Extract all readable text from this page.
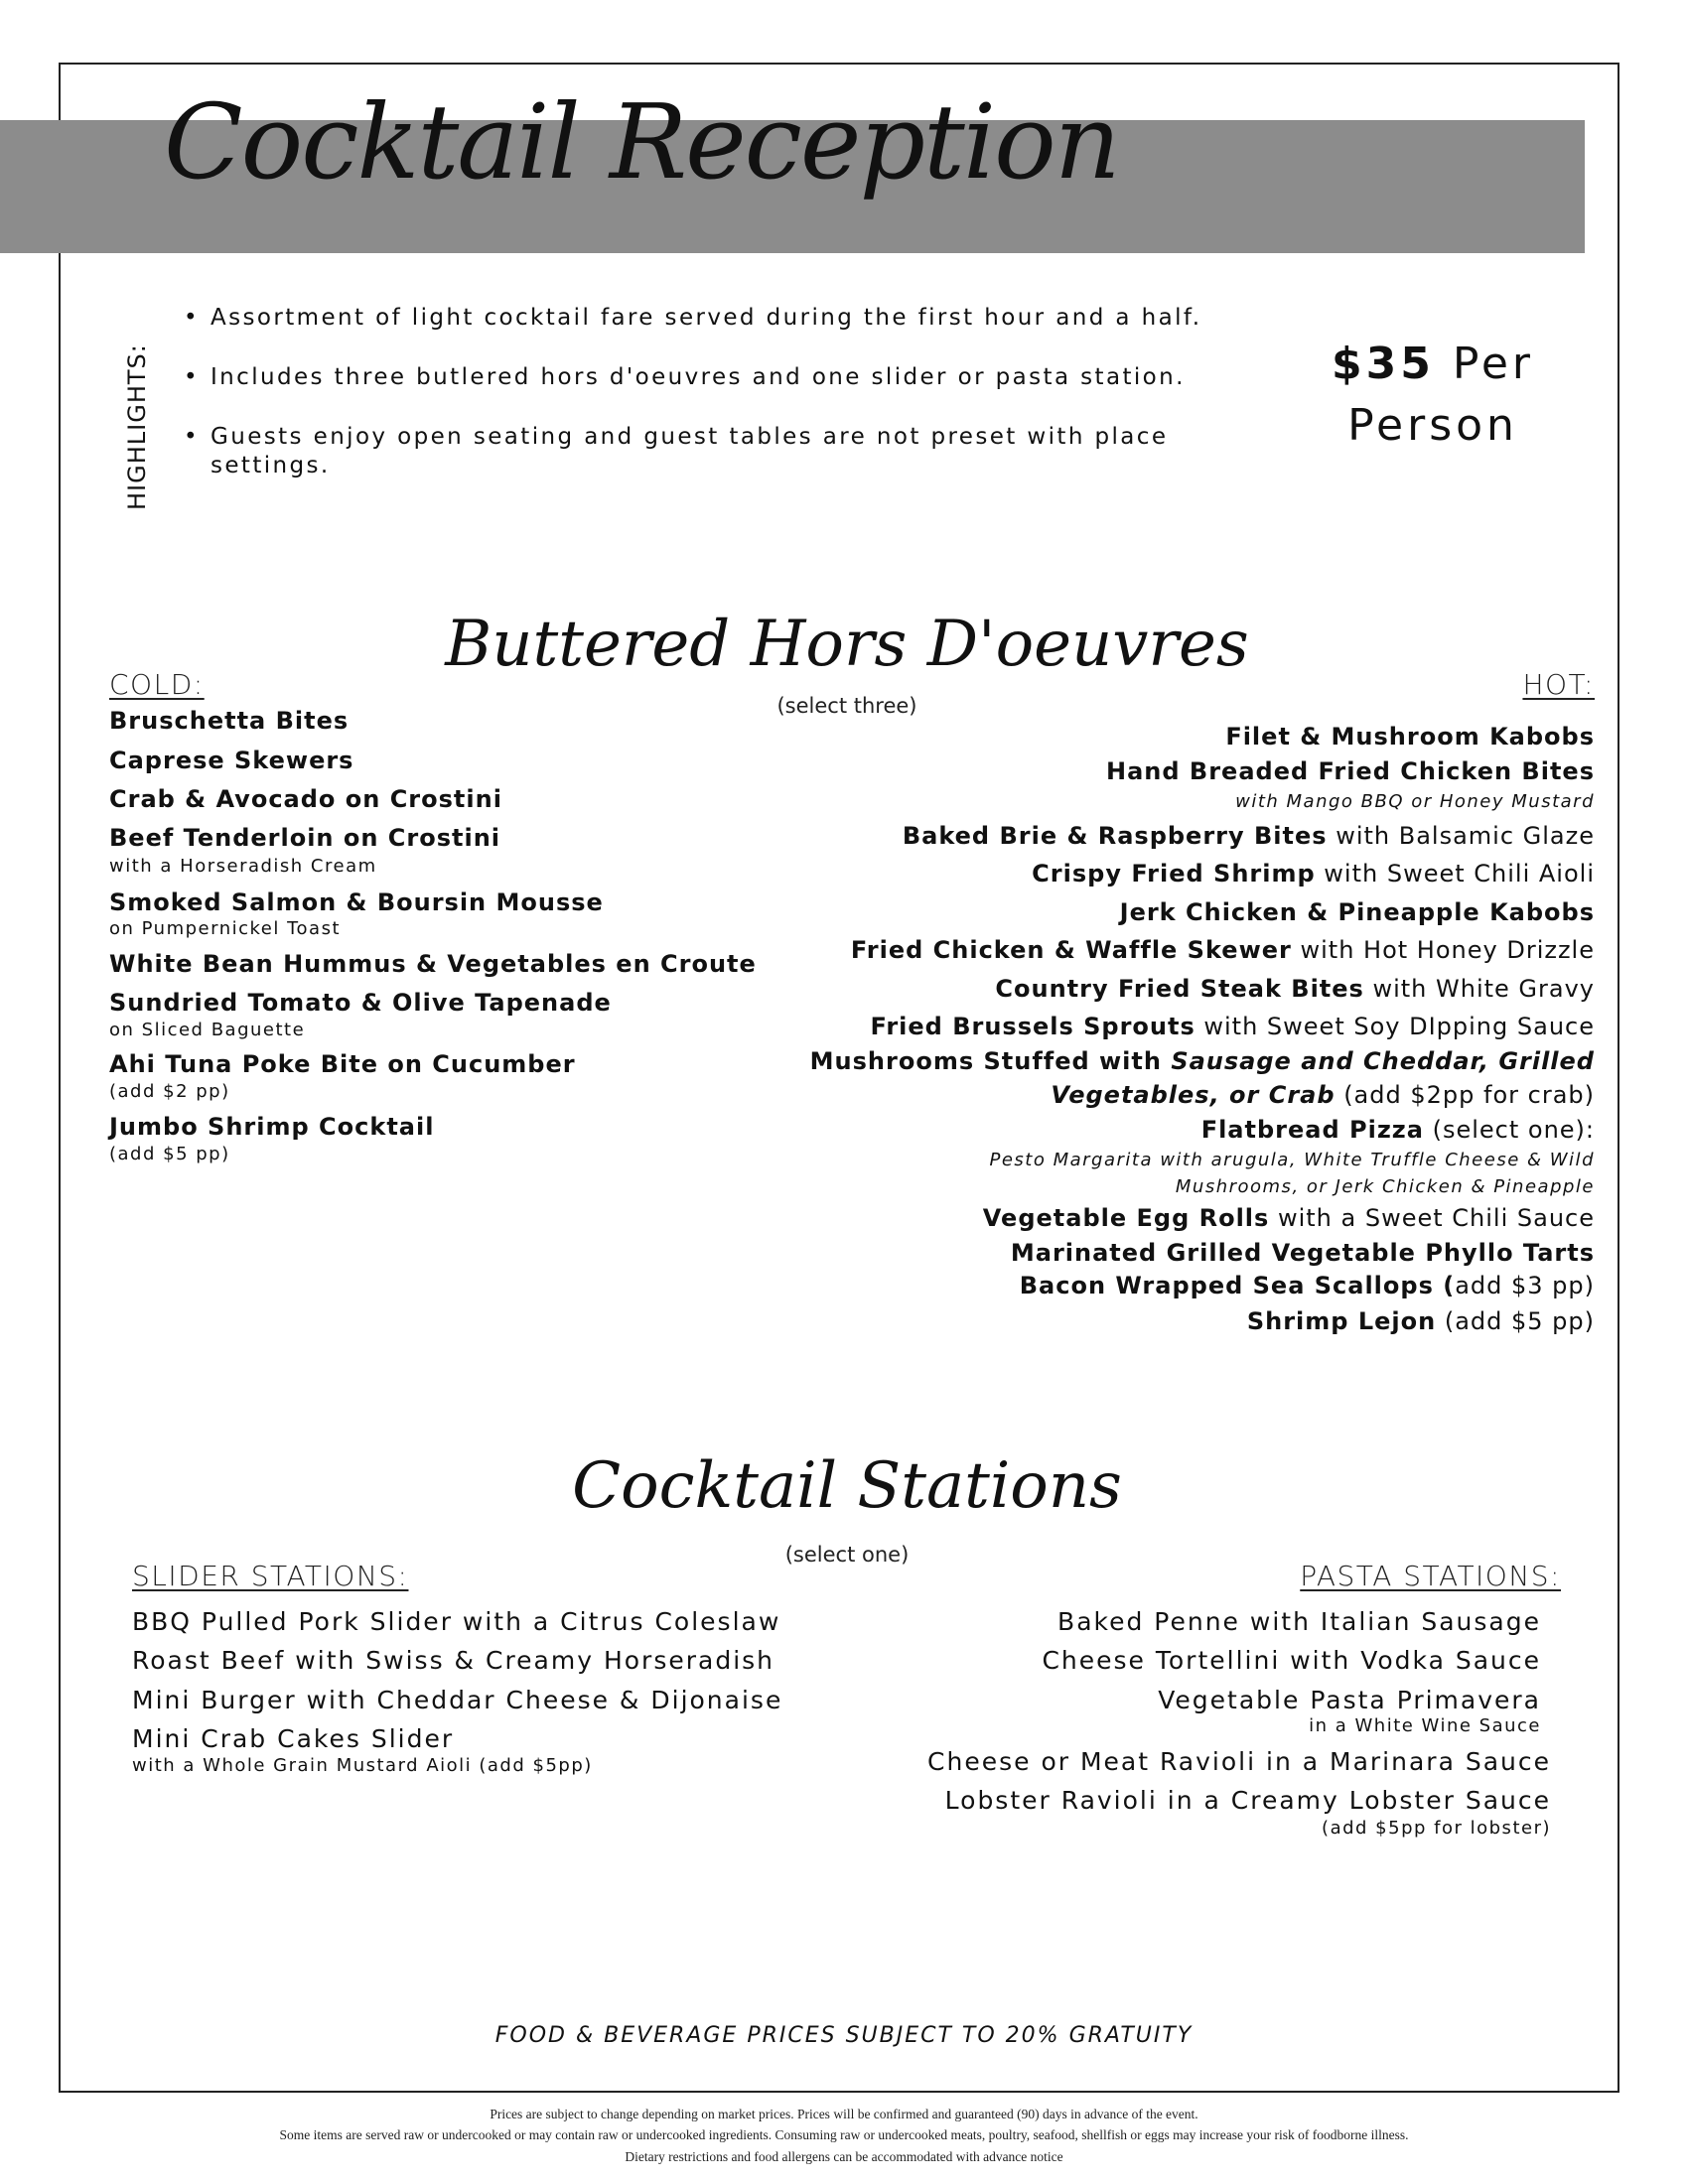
Cocktail Reception
HIGHLIGHTS:
• Assortment of light cocktail fare served during the first hour and a half.
• Includes three butlered hors d'oeuvres and one slider or pasta station.
• Guests enjoy open seating and guest tables are not preset with place settings.
$35 Per
Person
Buttered Hors D'oeuvres
(select three)
COLD:	HOT:
Bruschetta Bites
Caprese Skewers
Crab & Avocado on Crostini
Beef Tenderloin on Crostini
with a Horseradish Cream
Smoked Salmon & Boursin Mousse
on Pumpernickel Toast
White Bean Hummus & Vegetables en Croute
Sundried Tomato & Olive Tapenade
on Sliced Baguette
Ahi Tuna Poke Bite on Cucumber
(add $2 pp)
Jumbo Shrimp Cocktail
(add $5 pp)
Filet & Mushroom Kabobs
Hand Breaded Fried Chicken Bites
with Mango BBQ or Honey Mustard
Baked Brie & Raspberry Bites with Balsamic Glaze
Crispy Fried Shrimp with Sweet Chili Aioli
Jerk Chicken & Pineapple Kabobs
Fried Chicken & Waffle Skewer with Hot Honey Drizzle
Country Fried Steak Bites with White Gravy
Fried Brussels Sprouts with Sweet Soy DIpping Sauce
Mushrooms Stuffed with Sausage and Cheddar, Grilled
Vegetables, or Crab (add $2pp for crab)
Flatbread Pizza (select one):
Pesto Margarita with arugula, White Truffle Cheese & Wild
Mushrooms, or Jerk Chicken & Pineapple
Vegetable Egg Rolls with a Sweet Chili Sauce
Marinated Grilled Vegetable Phyllo Tarts
Bacon Wrapped Sea Scallops (add $3 pp)
Shrimp Lejon (add $5 pp)
Cocktail Stations
(select one)
SLIDER STATIONS:	PASTA STATIONS:
BBQ Pulled Pork Slider with a Citrus Coleslaw
Roast Beef with Swiss & Creamy Horseradish
Mini Burger with Cheddar Cheese & Dijonaise
Mini Crab Cakes Slider
with a Whole Grain Mustard Aioli (add $5pp)
Baked Penne with Italian Sausage
Cheese Tortellini with Vodka Sauce
Vegetable Pasta Primavera
in a White Wine Sauce
Cheese or Meat Ravioli in a Marinara Sauce
Lobster Ravioli in a Creamy Lobster Sauce
(add $5pp for lobster)
FOOD & BEVERAGE PRICES SUBJECT TO 20% GRATUITY
Prices are subject to change depending on market prices. Prices will be confirmed and guaranteed (90) days in advance of the event.
Some items are served raw or undercooked or may contain raw or undercooked ingredients. Consuming raw or undercooked meats, poultry, seafood, shellfish or eggs may increase your risk of foodborne illness.
Dietary restrictions and food allergens can be accommodated with advance notice
